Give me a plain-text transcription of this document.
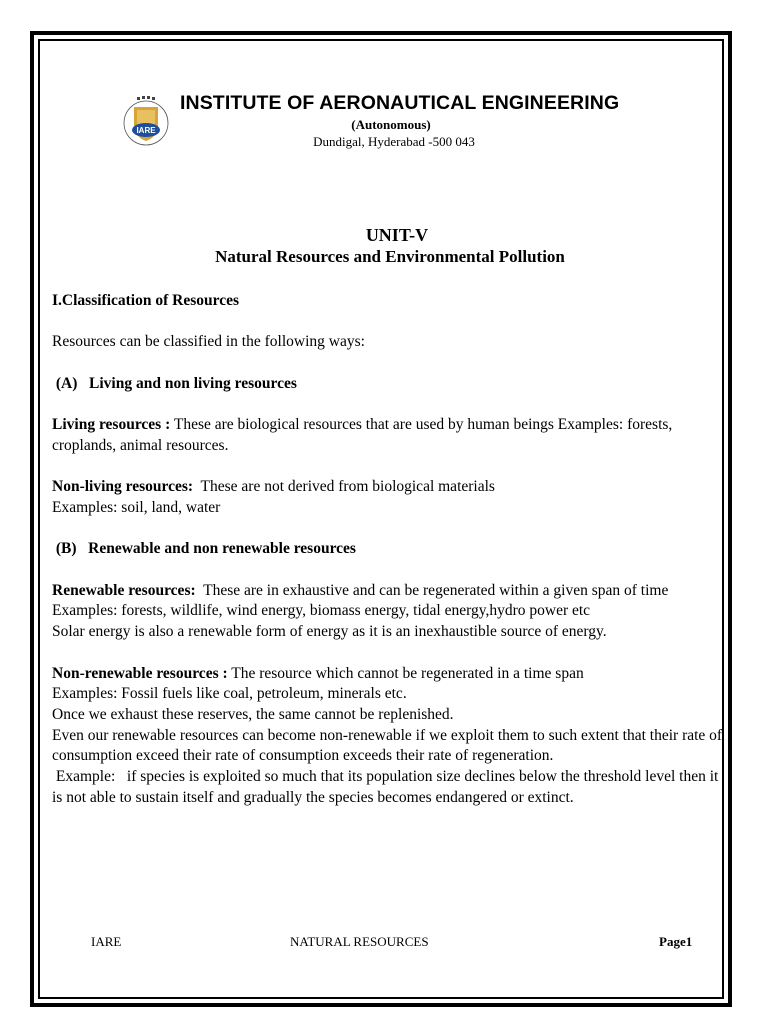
IARE
INSTITUTE OF AERONAUTICAL ENGINEERING
(Autonomous)
Dundigal, Hyderabad -500 043
UNIT-V
Natural Resources and Environmental Pollution

I.Classification of Resources

Resources can be classified in the following ways:

(A)   Living and non living resources

Living resources : These are biological resources that are used by human beings Examples: forests, croplands, animal resources.

Non-living resources:  These are not derived from biological materials

Examples: soil, land, water

(B)   Renewable and non renewable resources

Renewable resources:  These are in exhaustive and can be regenerated within a given span of time

Examples: forests, wildlife, wind energy, biomass energy, tidal energy,hydro power etc

Solar energy is also a renewable form of energy as it is an inexhaustible source of energy.

Non-renewable resources : The resource which cannot be regenerated in a time span

Examples: Fossil fuels like coal, petroleum, minerals etc.

Once we exhaust these reserves, the same cannot be replenished.

Even our renewable resources can become non-renewable if we exploit them to such extent that their rate of    consumption exceed their rate of consumption exceeds their rate of regeneration.

Example:   if species is exploited so much that its population size declines below the threshold level then it is not able to sustain itself and gradually the species becomes endangered or extinct.

IARE	NATURAL RESOURCES	Page1
